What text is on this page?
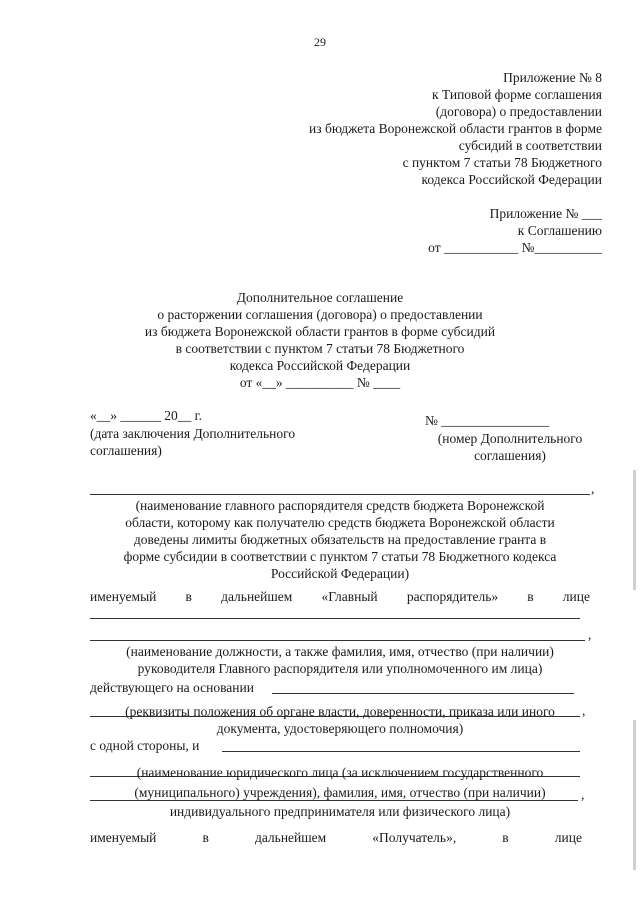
29
Приложение № 8
к Типовой форме соглашения
(договора) о предоставлении
из бюджета Воронежской области грантов в форме
субсидий в соответствии
с пунктом 7 статьи 78 Бюджетного
кодекса Российской Федерации
Приложение № ___
к Соглашению
от ___________ №__________
Дополнительное соглашение
о расторжении соглашения (договора) о предоставлении
из бюджета Воронежской области грантов в форме субсидий
в соответствии с пунктом 7 статьи 78 Бюджетного
кодекса Российской Федерации
от «__» __________ № ____
«__» ______ 20__ г.
(дата заключения Дополнительного
соглашения)
№ ________________
(номер Дополнительного
соглашения)
,
(наименование главного распорядителя средств бюджета Воронежской
области, которому как получателю средств бюджета Воронежской области
доведены лимиты бюджетных обязательств на предоставление гранта в
форме субсидии в соответствии с пунктом 7 статьи 78 Бюджетного кодекса
Российской Федерации)
именуемый в дальнейшем «Главный распорядитель» в лице
,
(наименование должности, а также фамилия, имя, отчество (при наличии)
руководителя Главного распорядителя или уполномоченного им лица)
действующего на основании
,
(реквизиты положения об органе власти, доверенности, приказа или иного
документа, удостоверяющего полномочия)
с одной стороны, и
,
(наименование юридического лица (за исключением государственного
(муниципального) учреждения), фамилия, имя, отчество (при наличии)
индивидуального предпринимателя или физического лица)
именуемый	в	дальнейшем	«Получатель»,	в	лице
